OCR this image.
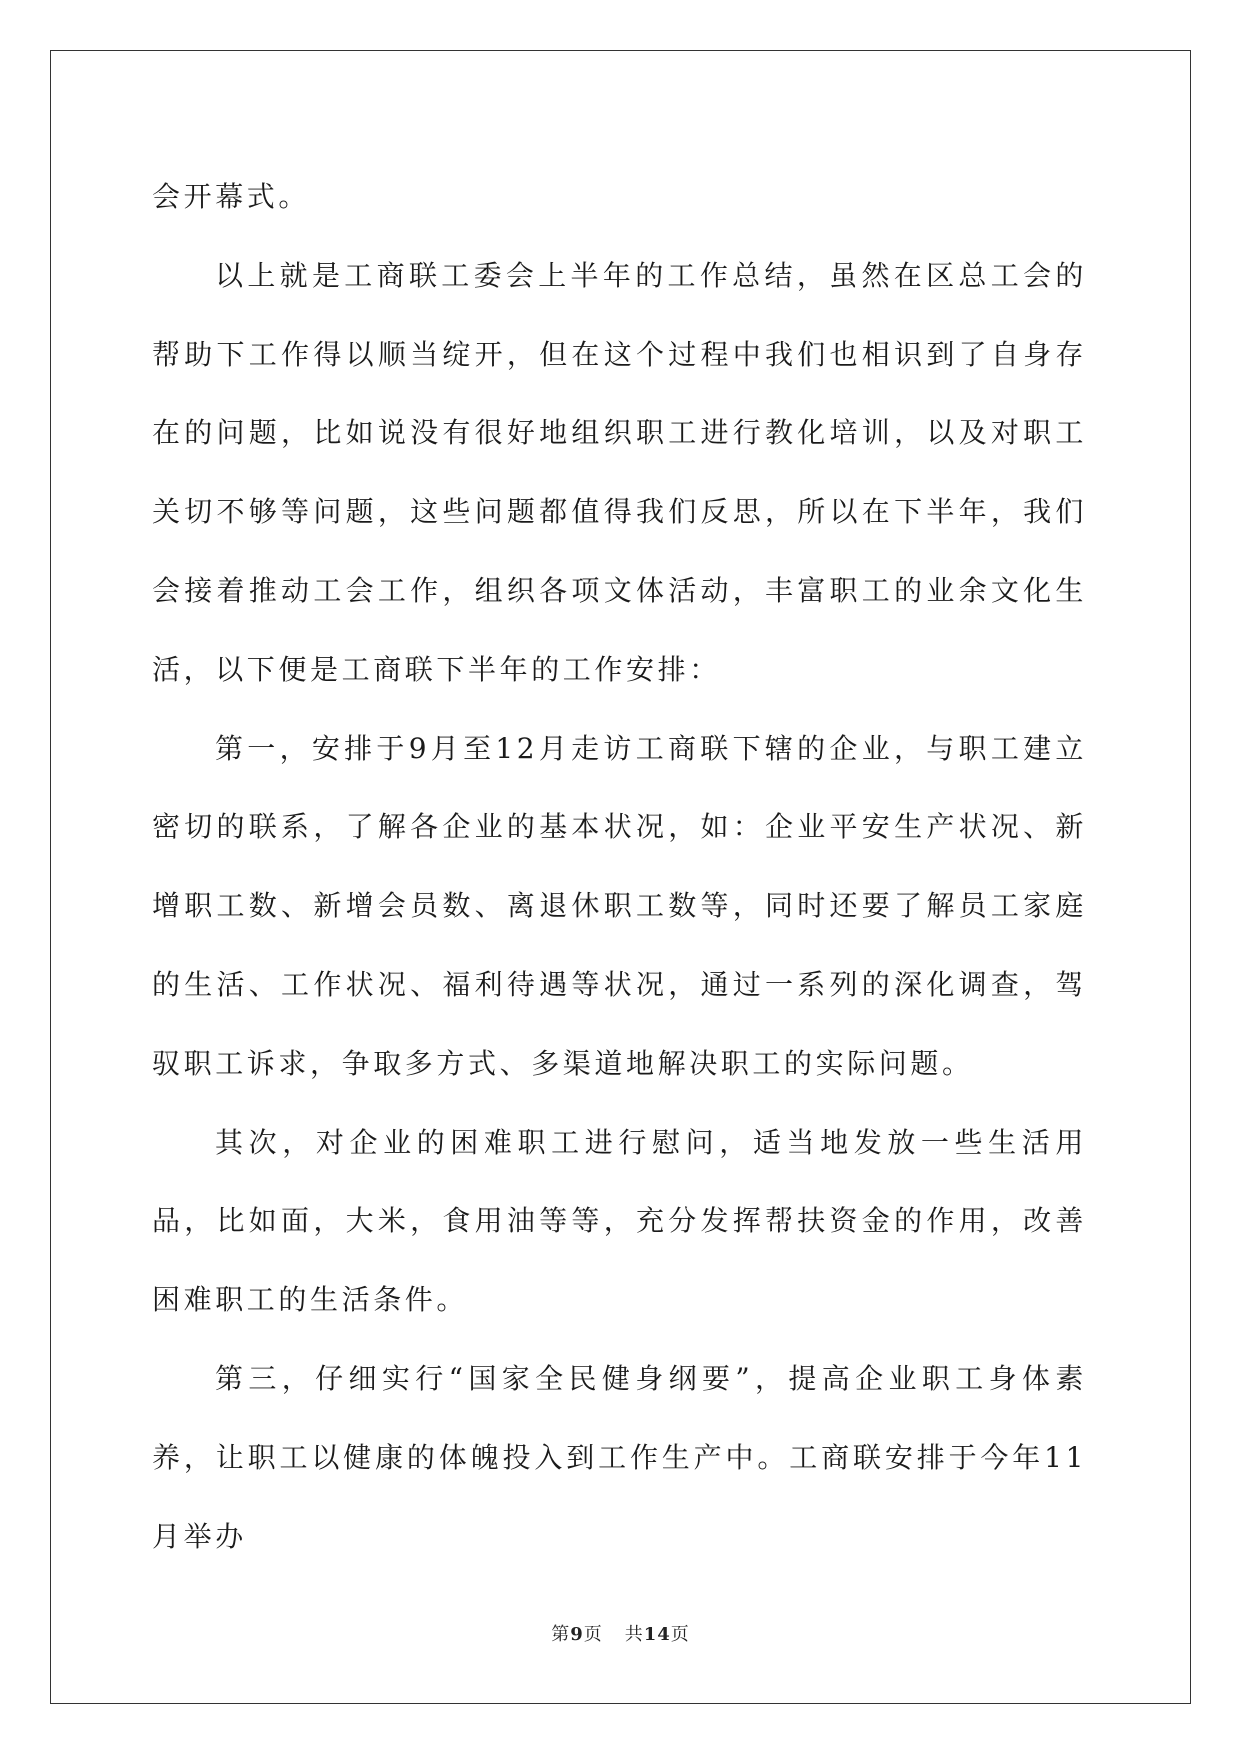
会开幕式。

以上就是工商联工委会上半年的工作总结，虽然在区总工会的帮助下工作得以顺当绽开，但在这个过程中我们也相识到了自身存在的问题，比如说没有很好地组织职工进行教化培训，以及对职工关切不够等问题，这些问题都值得我们反思，所以在下半年，我们会接着推动工会工作，组织各项文体活动，丰富职工的业余文化生活，以下便是工商联下半年的工作安排：

第一，安排于9月至12月走访工商联下辖的企业，与职工建立密切的联系，了解各企业的基本状况，如：企业平安生产状况、新增职工数、新增会员数、离退休职工数等，同时还要了解员工家庭的生活、工作状况、福利待遇等状况，通过一系列的深化调查，驾驭职工诉求，争取多方式、多渠道地解决职工的实际问题。

其次，对企业的困难职工进行慰问，适当地发放一些生活用品，比如面，大米，食用油等等，充分发挥帮扶资金的作用，改善困难职工的生活条件。

第三，仔细实行“国家全民健身纲要”，提高企业职工身体素养，让职工以健康的体魄投入到工作生产中。工商联安排于今年11月举办

第9页 共14页
